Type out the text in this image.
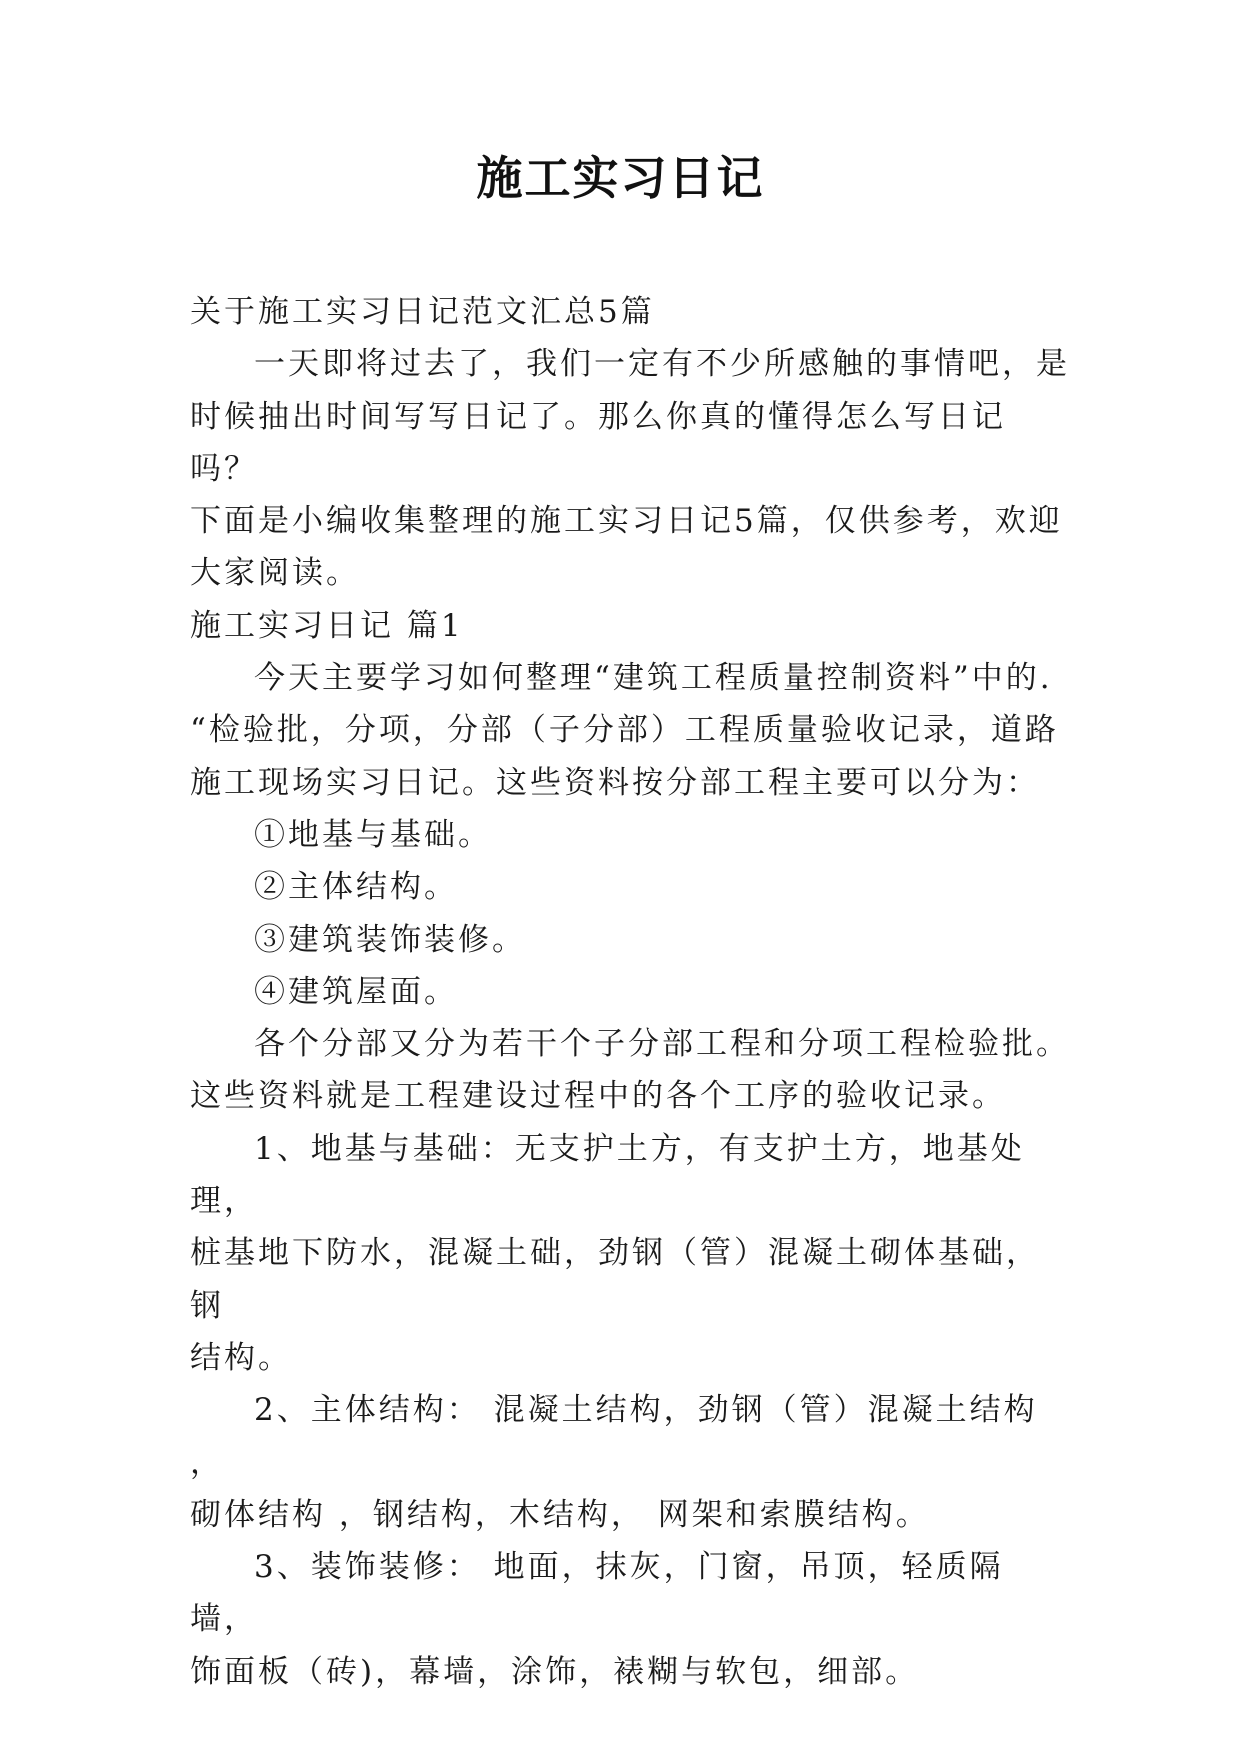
施工实习日记

关于施工实习日记范文汇总5篇

一天即将过去了，我们一定有不少所感触的事情吧，是

时候抽出时间写写日记了。那么你真的懂得怎么写日记吗？

下面是小编收集整理的施工实习日记5篇，仅供参考，欢迎

大家阅读。

施工实习日记 篇1

今天主要学习如何整理“建筑工程质量控制资料”中的.

“检验批，分项，分部（子分部）工程质量验收记录，道路

施工现场实习日记。这些资料按分部工程主要可以分为：

①地基与基础。

②主体结构。

③建筑装饰装修。

④建筑屋面。

各个分部又分为若干个子分部工程和分项工程检验批。

这些资料就是工程建设过程中的各个工序的验收记录。

1、地基与基础：无支护土方，有支护土方，地基处理，

桩基地下防水，混凝土础，劲钢（管）混凝土砌体基础，钢

结构。

2、主体结构： 混凝土结构，劲钢（管）混凝土结构 ，

砌体结构 ，钢结构，木结构， 网架和索膜结构。

3、装饰装修： 地面，抹灰，门窗，吊顶，轻质隔墙，

饰面板（砖)，幕墙，涂饰，裱糊与软包，细部。
